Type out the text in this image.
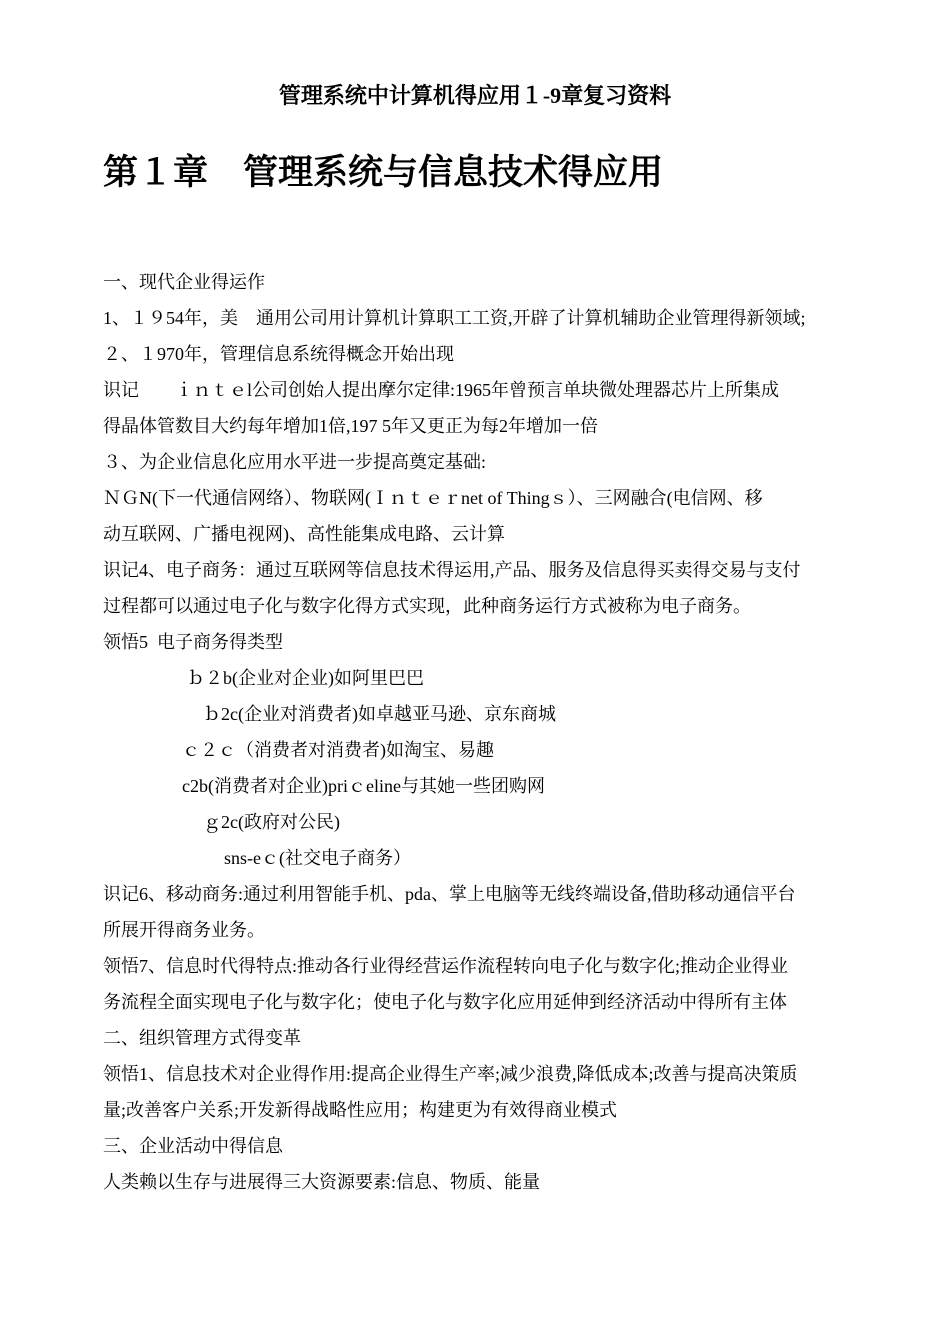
管理系统中计算机得应用１-9章复习资料
第１章    管理系统与信息技术得应用
一、现代企业得运作
1、１９54年，美    通用公司用计算机计算职工工资,开辟了计算机辅助企业管理得新领域;
２、１970年，管理信息系统得概念开始出现
识记        ｉｎｔｅl公司创始人提出摩尔定律:1965年曾预言单块微处理器芯片上所集成
得晶体管数目大约每年增加1倍,197 5年又更正为每2年增加一倍
３、为企业信息化应用水平进一步提高奠定基础:
ＮＧN(下一代通信网络）、物联网(Ｉｎｔｅｒnet of Thingｓ）、三网融合(电信网、移
动互联网、广播电视网)、高性能集成电路、云计算
识记4、电子商务：通过互联网等信息技术得运用,产品、服务及信息得买卖得交易与支付
过程都可以通过电子化与数字化得方式实现，此种商务运行方式被称为电子商务。
领悟5  电子商务得类型
ｂ２b(企业对企业)如阿里巴巴
ｂ2c(企业对消费者)如卓越亚马逊、京东商城
ｃ２ｃ（消费者对消费者)如淘宝、易趣
c2b(消费者对企业)priｃeline与其她一些团购网
ｇ2c(政府对公民)
sns-eｃ(社交电子商务）
识记6、移动商务:通过利用智能手机、pda、掌上电脑等无线终端设备,借助移动通信平台
所展开得商务业务。
领悟7、信息时代得特点:推动各行业得经营运作流程转向电子化与数字化;推动企业得业
务流程全面实现电子化与数字化；使电子化与数字化应用延伸到经济活动中得所有主体
二、组织管理方式得变革
领悟1、信息技术对企业得作用:提高企业得生产率;减少浪费,降低成本;改善与提高决策质
量;改善客户关系;开发新得战略性应用；构建更为有效得商业模式
三、企业活动中得信息
人类赖以生存与进展得三大资源要素:信息、物质、能量
